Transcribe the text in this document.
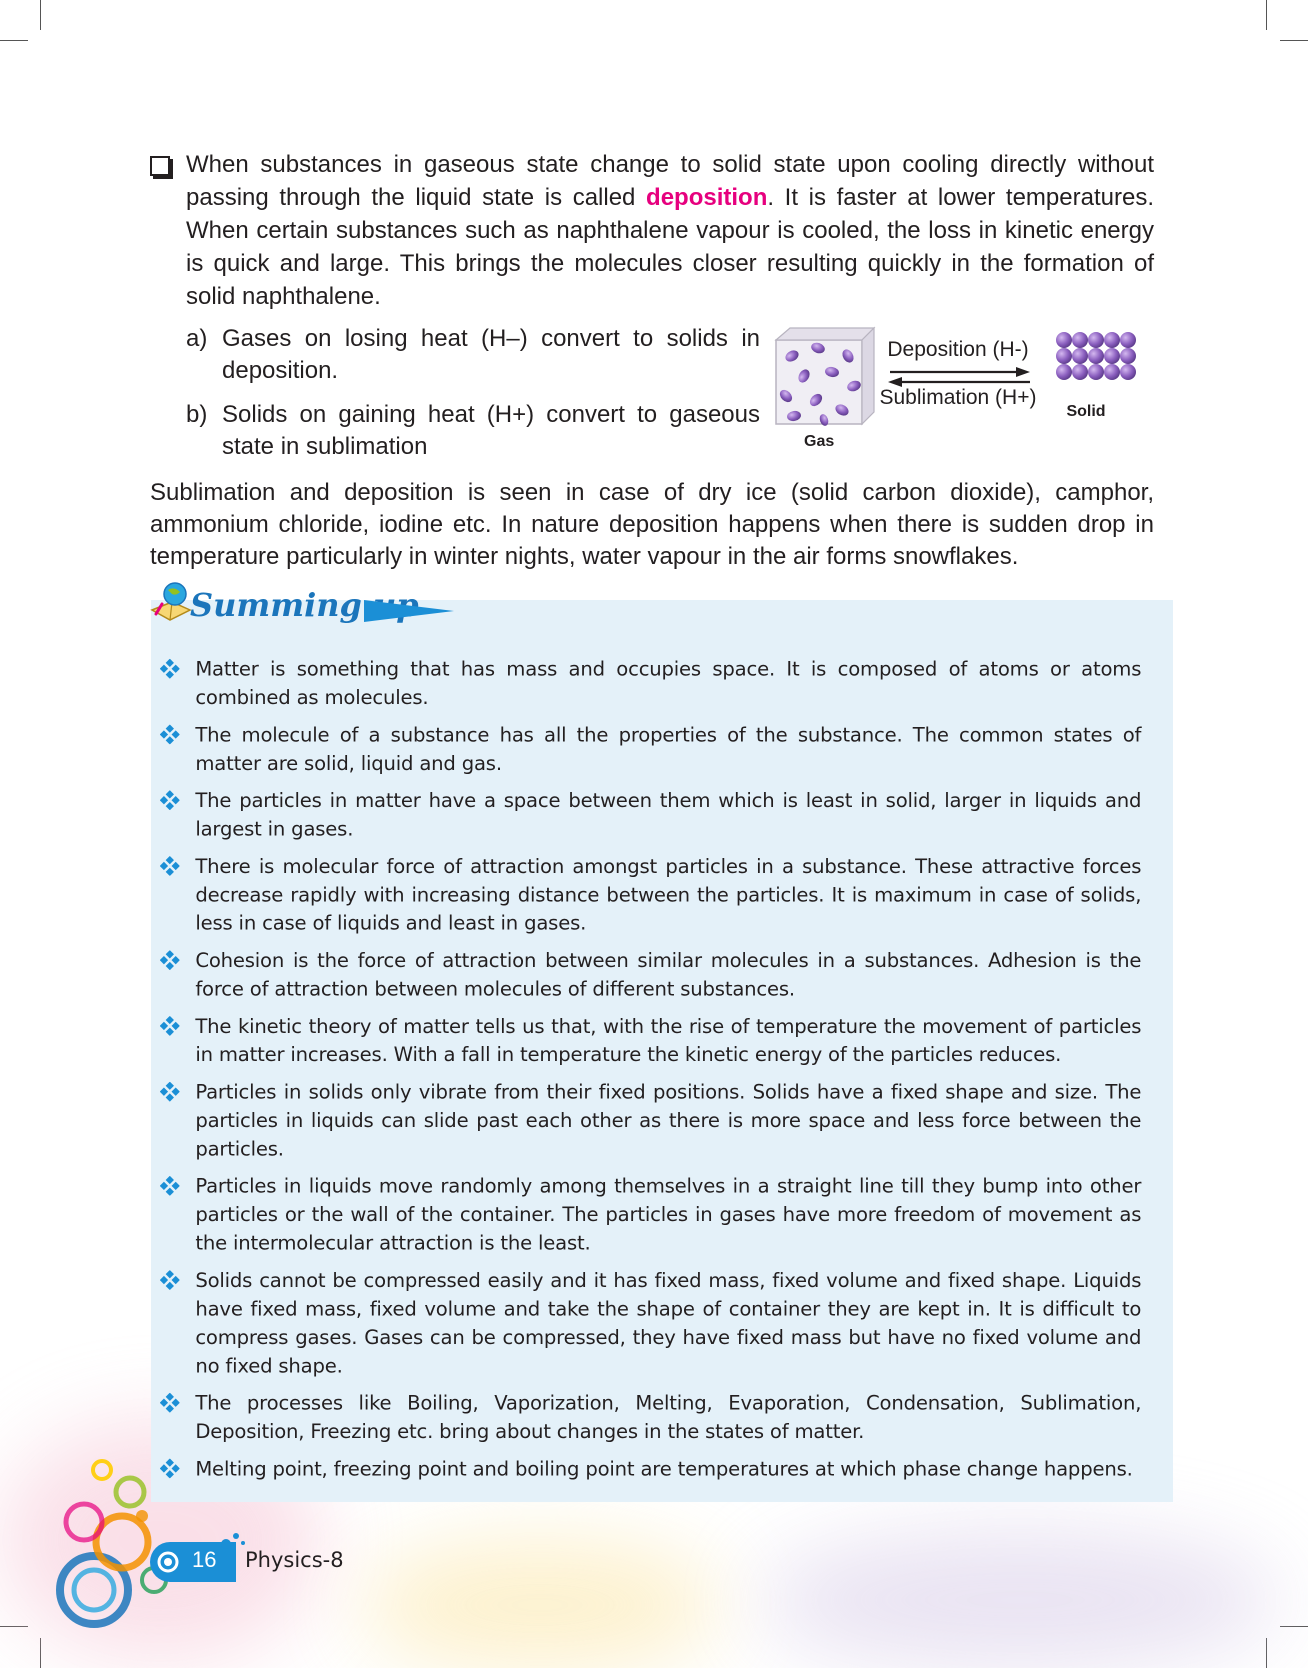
When substances in gaseous state change to solid state upon cooling directly without passing through the liquid state is called deposition. It is faster at lower temperatures. When certain substances such as naphthalene vapour is cooled, the loss in kinetic energy is quick and large. This brings the molecules closer resulting quickly in the formation of solid naphthalene.

a) Gases on losing heat (H–) convert to solids in deposition.
b) Solids on gaining heat (H+) convert to gaseous state in sublimation	Gas
Deposition (H-)
Sublimation (H+)
Solid

Sublimation and deposition is seen in case of dry ice (solid carbon dioxide), camphor, ammonium chloride, iodine etc. In nature deposition happens when there is sudden drop in temperature particularly in winter nights, water vapour in the air forms snowflakes.

Summing up
Matter is something that has mass and occupies space. It is composed of atoms or atoms combined as molecules.
The molecule of a substance has all the properties of the substance. The common states of matter are solid, liquid and gas.
The particles in matter have a space between them which is least in solid, larger in liquids and largest in gases.
There is molecular force of attraction amongst particles in a substance. These attractive forces decrease rapidly with increasing distance between the particles. It is maximum in case of solids, less in case of liquids and least in gases.
Cohesion is the force of attraction between similar molecules in a substances. Adhesion is the force of attraction between molecules of different substances.
The kinetic theory of matter tells us that, with the rise of temperature the movement of particles in matter increases. With a fall in temperature the kinetic energy of the particles reduces.
Particles in solids only vibrate from their fixed positions. Solids have a fixed shape and size. The particles in liquids can slide past each other as there is more space and less force between the particles.
Particles in liquids move randomly among themselves in a straight line till they bump into other particles or the wall of the container. The particles in gases have more freedom of movement as the intermolecular attraction is the least.
Solids cannot be compressed easily and it has fixed mass, fixed volume and fixed shape. Liquids have fixed mass, fixed volume and take the shape of container they are kept in. It is difficult to compress gases. Gases can be compressed, they have fixed mass but have no fixed volume and no fixed shape.
The processes like Boiling, Vaporization, Melting, Evaporation, Condensation, Sublimation, Deposition, Freezing etc. bring about changes in the states of matter.
Melting point, freezing point and boiling point are temperatures at which phase change happens.
16 Physics-8
